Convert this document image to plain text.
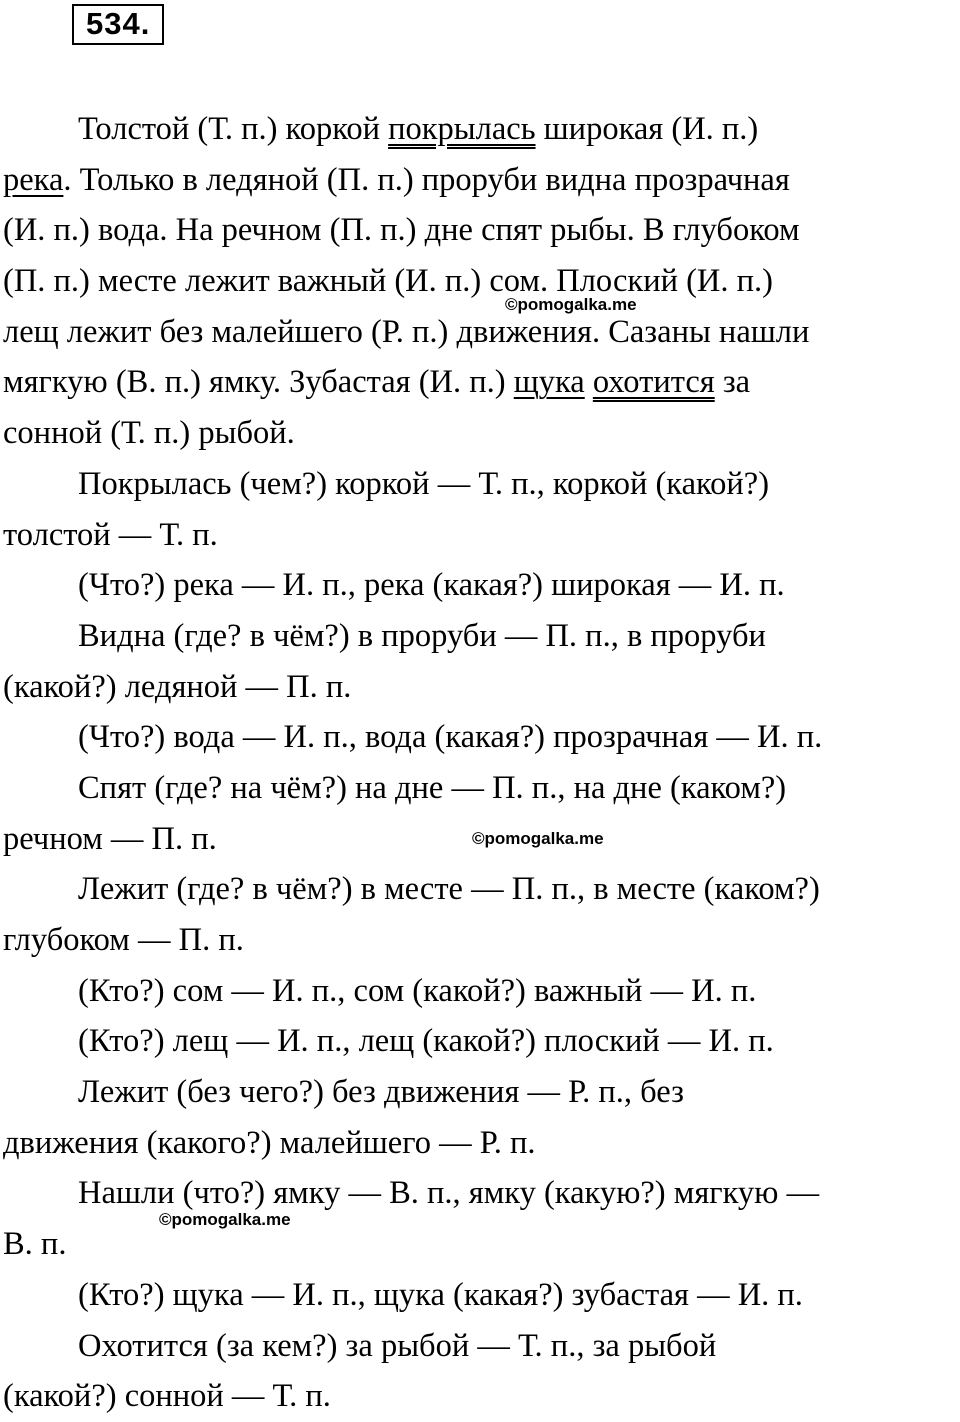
534.
Толстой (Т. п.) коркой покрылась широкая (И. п.)
река. Только в ледяной (П. п.) проруби видна прозрачная
(И. п.) вода. На речном (П. п.) дне спят рыбы. В глубоком
(П. п.) месте лежит важный (И. п.) сом. Плоский (И. п.)
лещ лежит без малейшего (Р. п.) движения. Сазаны нашли
мягкую (В. п.) ямку. Зубастая (И. п.) щука охотится за
сонной (Т. п.) рыбой.
Покрылась (чем?) коркой — Т. п., коркой (какой?)
толстой — Т. п.
(Что?) река — И. п., река (какая?) широкая — И. п.
Видна (где? в чём?) в проруби — П. п., в проруби
(какой?) ледяной — П. п.
(Что?) вода — И. п., вода (какая?) прозрачная — И. п.
Спят (где? на чём?) на дне — П. п., на дне (каком?)
речном — П. п.
Лежит (где? в чём?) в месте — П. п., в месте (каком?)
глубоком — П. п.
(Кто?) сом — И. п., сом (какой?) важный — И. п.
(Кто?) лещ — И. п., лещ (какой?) плоский — И. п.
Лежит (без чего?) без движения — Р. п., без
движения (какого?) малейшего — Р. п.
Нашли (что?) ямку — В. п., ямку (какую?) мягкую —
В. п.
(Кто?) щука — И. п., щука (какая?) зубастая — И. п.
Охотится (за кем?) за рыбой — Т. п., за рыбой
(какой?) сонной — Т. п.
©pomogalka.me
©pomogalka.me
©pomogalka.me
